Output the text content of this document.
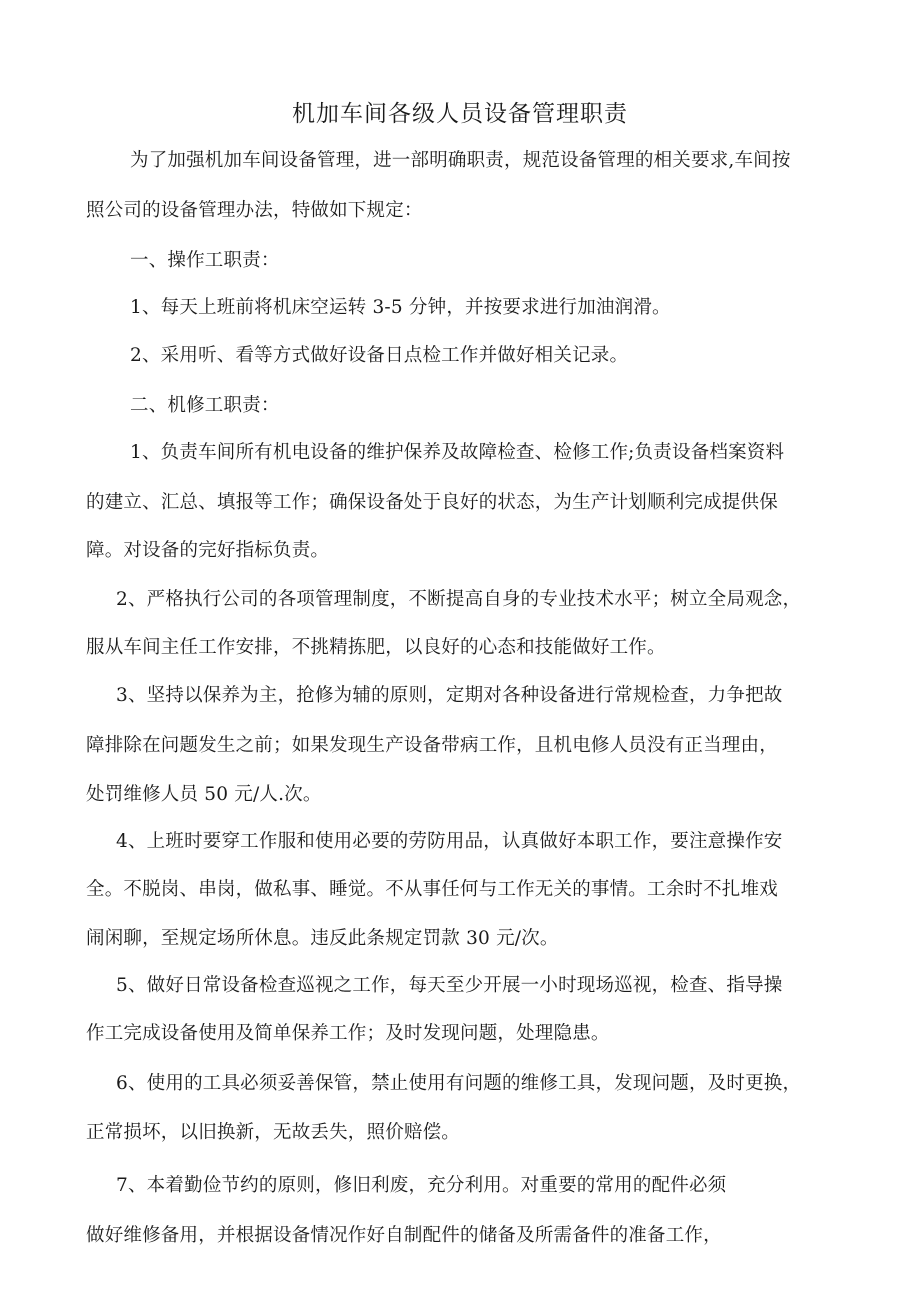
机加车间各级人员设备管理职责
为了加强机加车间设备管理，进一部明确职责，规范设备管理的相关要求,车间按
照公司的设备管理办法，特做如下规定：
一、操作工职责：
1、每天上班前将机床空运转 3-5 分钟，并按要求进行加油润滑。
2、采用听、看等方式做好设备日点检工作并做好相关记录。
二、机修工职责：
1、负责车间所有机电设备的维护保养及故障检查、检修工作;负责设备档案资料
的建立、汇总、填报等工作；确保设备处于良好的状态，为生产计划顺利完成提供保
障。对设备的完好指标负责。
2、严格执行公司的各项管理制度，不断提高自身的专业技术水平；树立全局观念，
服从车间主任工作安排，不挑精拣肥，以良好的心态和技能做好工作。
3、坚持以保养为主，抢修为辅的原则，定期对各种设备进行常规检查，力争把故
障排除在问题发生之前；如果发现生产设备带病工作，且机电修人员没有正当理由，
处罚维修人员 50 元/人.次。
4、上班时要穿工作服和使用必要的劳防用品，认真做好本职工作，要注意操作安
全。不脱岗、串岗，做私事、睡觉。不从事任何与工作无关的事情。工余时不扎堆戏
闹闲聊，至规定场所休息。违反此条规定罚款 30 元/次。
5、做好日常设备检查巡视之工作，每天至少开展一小时现场巡视，检查、指导操
作工完成设备使用及简单保养工作；及时发现问题，处理隐患。
6、使用的工具必须妥善保管，禁止使用有问题的维修工具，发现问题，及时更换，
正常损坏，以旧换新，无故丢失，照价赔偿。
7、本着勤俭节约的原则，修旧利废，充分利用。对重要的常用的配件必须
做好维修备用，并根据设备情况作好自制配件的储备及所需备件的准备工作，
